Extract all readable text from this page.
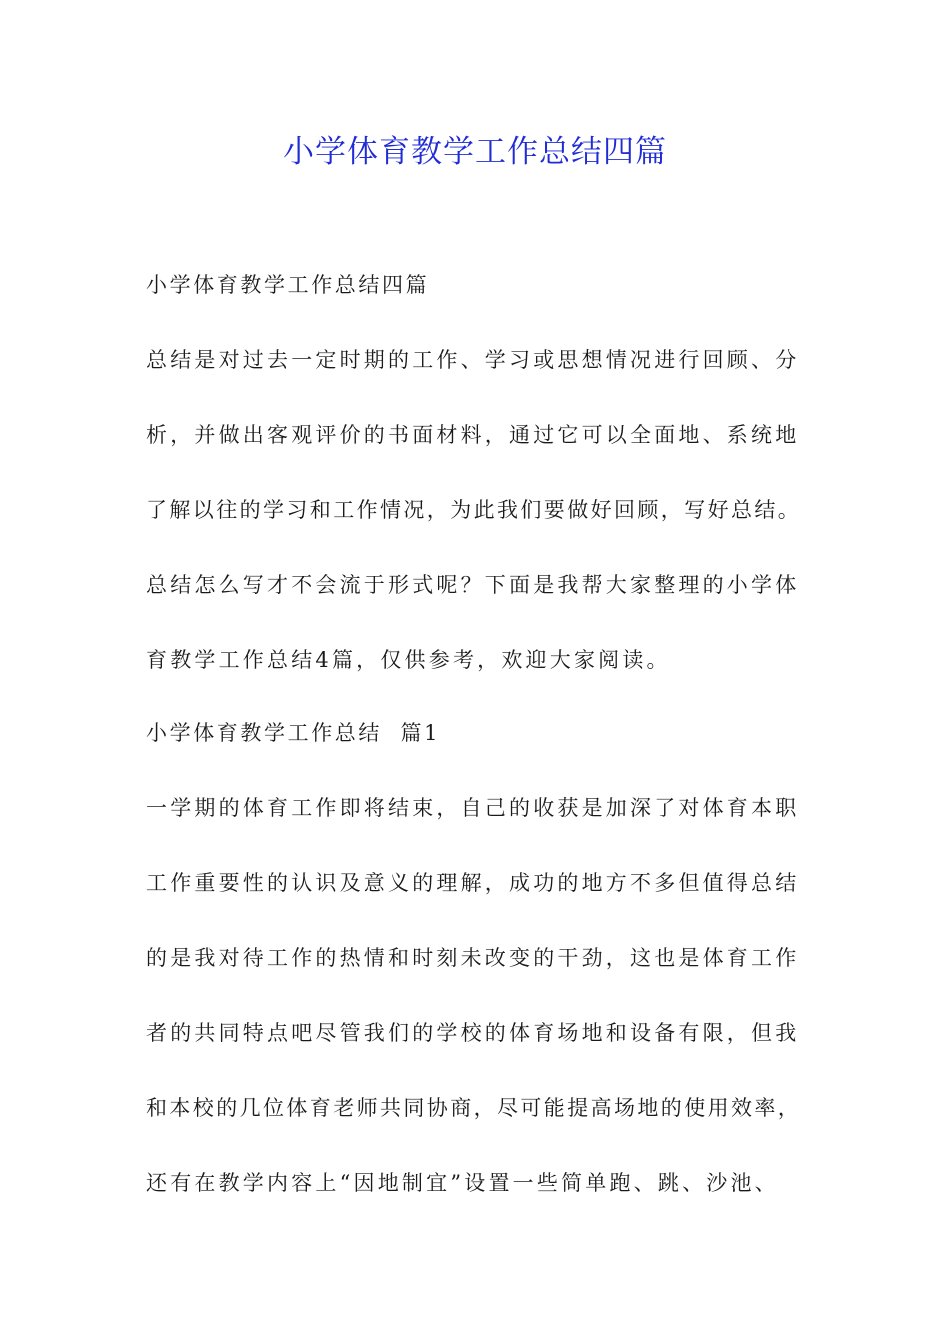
小学体育教学工作总结四篇
小学体育教学工作总结四篇
总结是对过去一定时期的工作、学习或思想情况进行回顾、分
析，并做出客观评价的书面材料，通过它可以全面地、系统地
了解以往的学习和工作情况，为此我们要做好回顾，写好总结。
总结怎么写才不会流于形式呢？下面是我帮大家整理的小学体
育教学工作总结4篇，仅供参考，欢迎大家阅读。
小学体育教学工作总结  篇1
一学期的体育工作即将结束，自己的收获是加深了对体育本职
工作重要性的认识及意义的理解，成功的地方不多但值得总结
的是我对待工作的热情和时刻未改变的干劲，这也是体育工作
者的共同特点吧尽管我们的学校的体育场地和设备有限，但我
和本校的几位体育老师共同协商，尽可能提高场地的使用效率，
还有在教学内容上“因地制宜”设置一些简单跑、跳、沙池、
